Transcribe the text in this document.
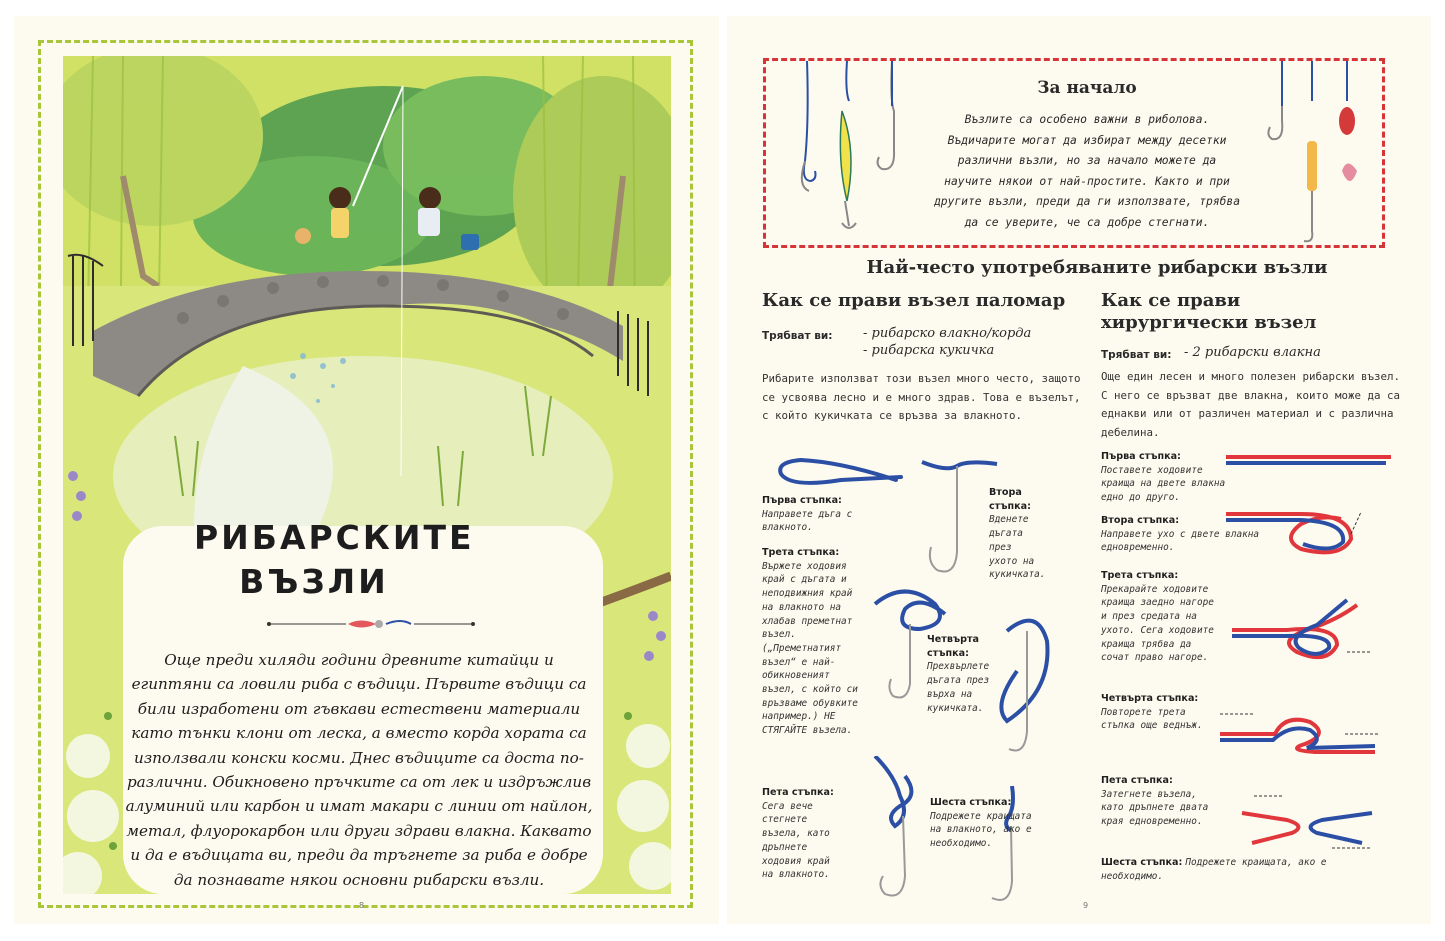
РИБАРСКИТЕ
ВЪЗЛИ
Още преди хиляди години древните китайци и египтяни са ловили риба с въдици. Първите въдици са били изработени от гъвкави естествени материали като тънки клони от леска, а вместо корда хората са използвали конски косми. Днес въдиците са доста по-различни. Обикновено пръчките са от лек и издръжлив алуминий или карбон и имат макари с линии от найлон, метал, флуорокарбон или други здрави влакна. Каквато и да е въдицата ви, преди да тръгнете за риба е добре да познавате някои основни рибарски възли.
8
За начало
Възлите са особено важни в риболова. Въдичарите могат да избират между десетки различни възли, но за начало можете да научите някои от най-простите. Както и при другите възли, преди да ги използвате, трябва да се уверите, че са добре стегнати.
Най-често употребяваните рибарски възли
Как се прави възел паломар
Трябват ви: - рибарско влакно/корда
- рибарска кукичка
Рибарите използват този възел много често, защото се усвоява лесно и е много здрав. Това е възелът, с който кукичката се връзва за влакното.
Първа стъпка:
Направете дъга с влакното.
Втора стъпка:
Вденете дъгата през ухото на кукичката.
Трета стъпка:
Вържете ходовия край с дъгата и неподвижния край на влакното на хлабав преметнат възел. („Преметнатият възел“ е най-обикновеният възел, с който си връзваме обувките например.) НЕ СТЯГАЙТЕ възела.
Четвърта стъпка:
Прехвърлете дъгата през върха на кукичката.
Пета стъпка:
Сега вече стегнете възела, като дръпнете ходовия край на влакното.
Шеста стъпка:
Подрежете краищата на влакното, ако е необходимо.
Как се прави
хирургически възел
Трябват ви: - 2 рибарски влакна
Още един лесен и много полезен рибарски възел. С него се връзват две влакна, които може да са еднакви или от различен материал и с различна дебелина.
Първа стъпка:
Поставете ходовите краища на двете влакна едно до друго.
Втора стъпка:
Направете ухо с двете влакна едновременно.
Трета стъпка:
Прекарайте ходовите краища заедно нагоре и през средата на ухото. Сега ходовите краища трябва да сочат право нагоре.
Четвърта стъпка:
Повторете трета стъпка още веднъж.
Пета стъпка:
Затегнете възела, като дръпнете двата края едновременно.
Шеста стъпка: Подрежете краищата, ако е необходимо.
9
